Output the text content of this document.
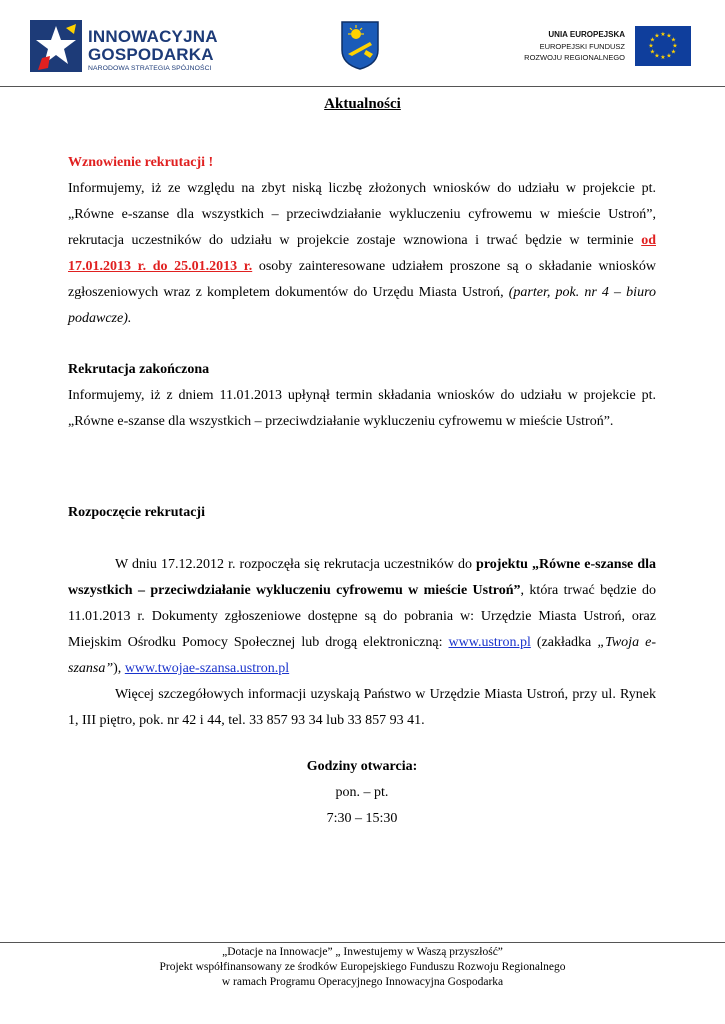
INNOWACYJNA
GOSPODARKA
NARODOWA STRATEGIA SPÓJNOŚCI
UNIA EUROPEJSKA
EUROPEJSKI FUNDUSZ
ROZWOJU REGIONALNEGO
★ ★
★
★
★
★
★
★
★
★
★
★
Aktualności
Wznowienie rekrutacji !
Informujemy, iż ze względu na zbyt niską liczbę złożonych wniosków do udziału w projekcie pt. „Równe e-szanse dla wszystkich – przeciwdziałanie wykluczeniu cyfrowemu w mieście Ustroń”, rekrutacja uczestników do udziału w projekcie zostaje wznowiona i trwać będzie w terminie od 17.01.2013 r. do 25.01.2013 r. osoby zainteresowane udziałem proszone są o składanie wniosków zgłoszeniowych wraz z kompletem dokumentów do Urzędu Miasta Ustroń, (parter, pok. nr 4 – biuro podawcze).
Rekrutacja zakończona
Informujemy, iż z dniem 11.01.2013 upłynął termin składania wniosków do udziału w projekcie pt. „Równe e-szanse dla wszystkich – przeciwdziałanie wykluczeniu cyfrowemu w mieście Ustroń”.
Rozpoczęcie rekrutacji
W dniu 17.12.2012 r. rozpoczęła się rekrutacja uczestników do projektu „Równe e-szanse dla wszystkich – przeciwdziałanie wykluczeniu cyfrowemu w mieście Ustroń”, która trwać będzie do 11.01.2013 r. Dokumenty zgłoszeniowe dostępne są do pobrania w: Urzędzie Miasta Ustroń, oraz Miejskim Ośrodku Pomocy Społecznej lub drogą elektroniczną: www.ustron.pl (zakładka „Twoja e-szansa”), www.twojae-szansa.ustron.pl
Więcej szczegółowych informacji uzyskają Państwo w Urzędzie Miasta Ustroń, przy ul. Rynek 1, III piętro, pok. nr 42 i 44, tel. 33 857 93 34 lub 33 857 93 41.
Godziny otwarcia:
pon. – pt.
7:30 – 15:30
„Dotacje na Innowacje” „ Inwestujemy w Waszą przyszłość”
Projekt współfinansowany ze środków Europejskiego Funduszu Rozwoju Regionalnego
w ramach Programu Operacyjnego Innowacyjna Gospodarka
